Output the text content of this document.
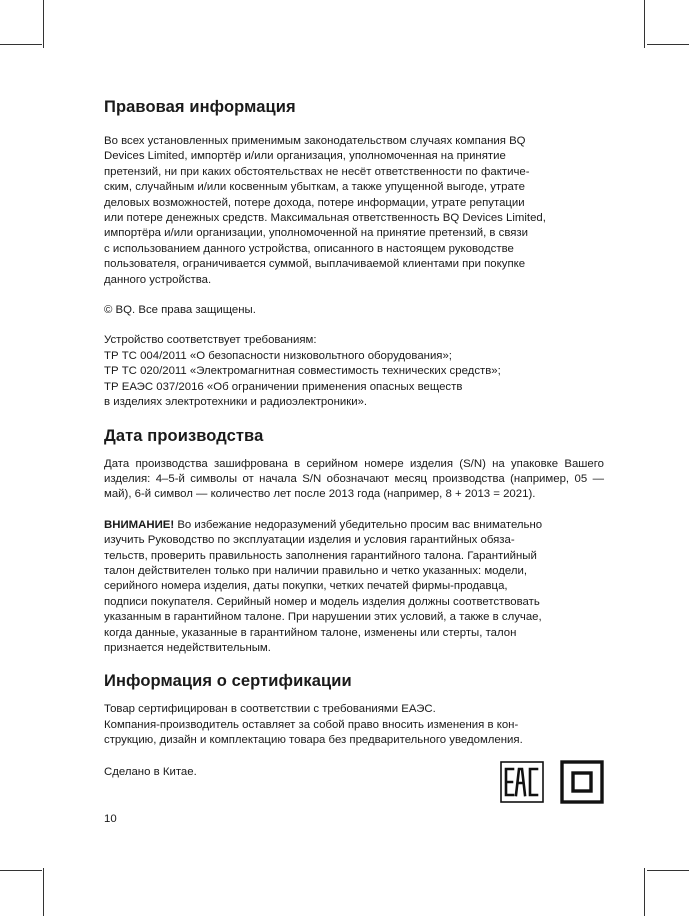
Правовая информация

Во всех установленных применимым законодательством случаях компания BQ
Devices Limited, импортёр и/или организация, уполномоченная на принятие
претензий, ни при каких обстоятельствах не несёт ответственности по фактиче-
ским, случайным и/или косвенным убыткам, а также упущенной выгоде, утрате
деловых возможностей, потере дохода, потере информации, утрате репутации
или потере денежных средств. Максимальная ответственность BQ Devices Limited,
импортёра и/или организации, уполномоченной на принятие претензий, в связи
с использованием данного устройства, описанного в настоящем руководстве
пользователя, ограничивается суммой, выплачиваемой клиентами при покупке
данного устройства.

© BQ. Все права защищены.

Устройство соответствует требованиям:
ТР ТС 004/2011 «О безопасности низковольтного оборудования»;
ТР ТС 020/2011 «Электромагнитная совместимость технических средств»;
ТР ЕАЭС 037/2016 «Об ограничении применения опасных веществ
в изделиях электротехники и радиоэлектроники».

Дата производства

Дата производства зашифрована в серийном номере изделия (S/N) на упаковке Вашего изделия: 4–5-й символы от начала S/N обозначают месяц производства (например, 05 — май), 6-й символ — количество лет после 2013 года (например, 8 + 2013 = 2021).

ВНИМАНИЕ! Во избежание недоразумений убедительно просим вас внимательно
изучить Руководство по эксплуатации изделия и условия гарантийных обяза-
тельств, проверить правильность заполнения гарантийного талона. Гарантийный
талон действителен только при наличии правильно и четко указанных: модели,
серийного номера изделия, даты покупки, четких печатей фирмы-продавца,
подписи покупателя. Серийный номер и модель изделия должны соответствовать
указанным в гарантийном талоне. При нарушении этих условий, а также в случае,
когда данные, указанные в гарантийном талоне, изменены или стерты, талон
признается недействительным.

Информация о сертификации

Товар сертифицирован в соответствии с требованиями ЕАЭС.
Компания-производитель оставляет за собой право вносить изменения в кон-
струкцию, дизайн и комплектацию товара без предварительного уведомления.

Сделано в Китае.

10
